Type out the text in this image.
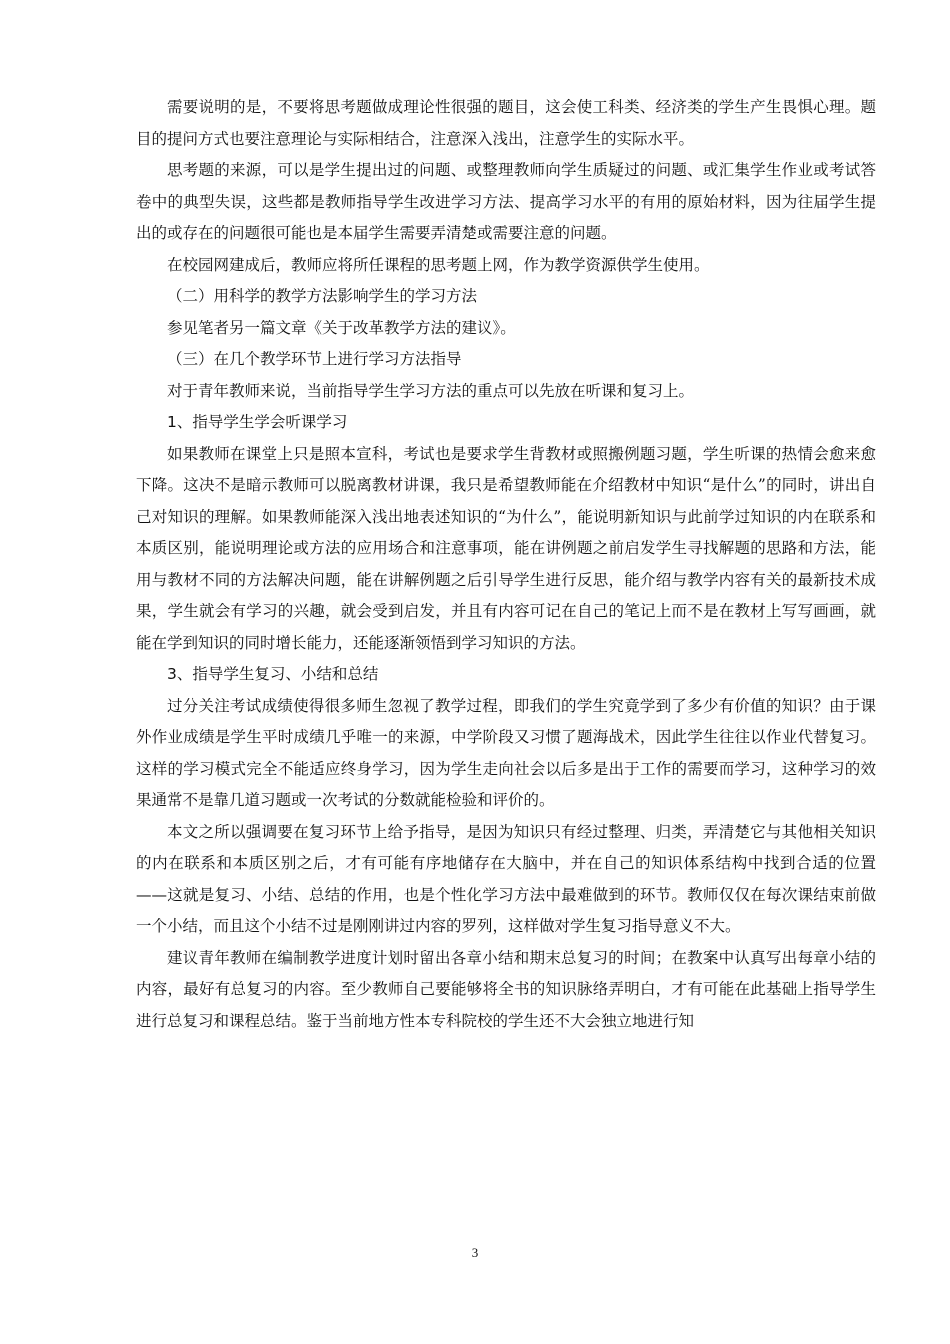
需要说明的是，不要将思考题做成理论性很强的题目，这会使工科类、经济类的学生产生畏惧心理。题目的提问方式也要注意理论与实际相结合，注意深入浅出，注意学生的实际水平。

思考题的来源，可以是学生提出过的问题、或整理教师向学生质疑过的问题、或汇集学生作业或考试答卷中的典型失误，这些都是教师指导学生改进学习方法、提高学习水平的有用的原始材料，因为往届学生提出的或存在的问题很可能也是本届学生需要弄清楚或需要注意的问题。

在校园网建成后，教师应将所任课程的思考题上网，作为教学资源供学生使用。

（二）用科学的教学方法影响学生的学习方法

参见笔者另一篇文章《关于改革教学方法的建议》。

（三）在几个教学环节上进行学习方法指导

对于青年教师来说，当前指导学生学习方法的重点可以先放在听课和复习上。

1、指导学生学会听课学习

如果教师在课堂上只是照本宣科，考试也是要求学生背教材或照搬例题习题，学生听课的热情会愈来愈下降。这决不是暗示教师可以脱离教材讲课，我只是希望教师能在介绍教材中知识“是什么”的同时，讲出自己对知识的理解。如果教师能深入浅出地表述知识的“为什么”，能说明新知识与此前学过知识的内在联系和本质区别，能说明理论或方法的应用场合和注意事项，能在讲例题之前启发学生寻找解题的思路和方法，能用与教材不同的方法解决问题，能在讲解例题之后引导学生进行反思，能介绍与教学内容有关的最新技术成果，学生就会有学习的兴趣，就会受到启发，并且有内容可记在自己的笔记上而不是在教材上写写画画，就能在学到知识的同时增长能力，还能逐渐领悟到学习知识的方法。

3、指导学生复习、小结和总结

过分关注考试成绩使得很多师生忽视了教学过程，即我们的学生究竟学到了多少有价值的知识？由于课外作业成绩是学生平时成绩几乎唯一的来源，中学阶段又习惯了题海战术，因此学生往往以作业代替复习。这样的学习模式完全不能适应终身学习，因为学生走向社会以后多是出于工作的需要而学习，这种学习的效果通常不是靠几道习题或一次考试的分数就能检验和评价的。

本文之所以强调要在复习环节上给予指导，是因为知识只有经过整理、归类，弄清楚它与其他相关知识的内在联系和本质区别之后，才有可能有序地储存在大脑中，并在自己的知识体系结构中找到合适的位置——这就是复习、小结、总结的作用，也是个性化学习方法中最难做到的环节。教师仅仅在每次课结束前做一个小结，而且这个小结不过是刚刚讲过内容的罗列，这样做对学生复习指导意义不大。

建议青年教师在编制教学进度计划时留出各章小结和期末总复习的时间；在教案中认真写出每章小结的内容，最好有总复习的内容。至少教师自己要能够将全书的知识脉络弄明白，才有可能在此基础上指导学生进行总复习和课程总结。鉴于当前地方性本专科院校的学生还不大会独立地进行知

3
